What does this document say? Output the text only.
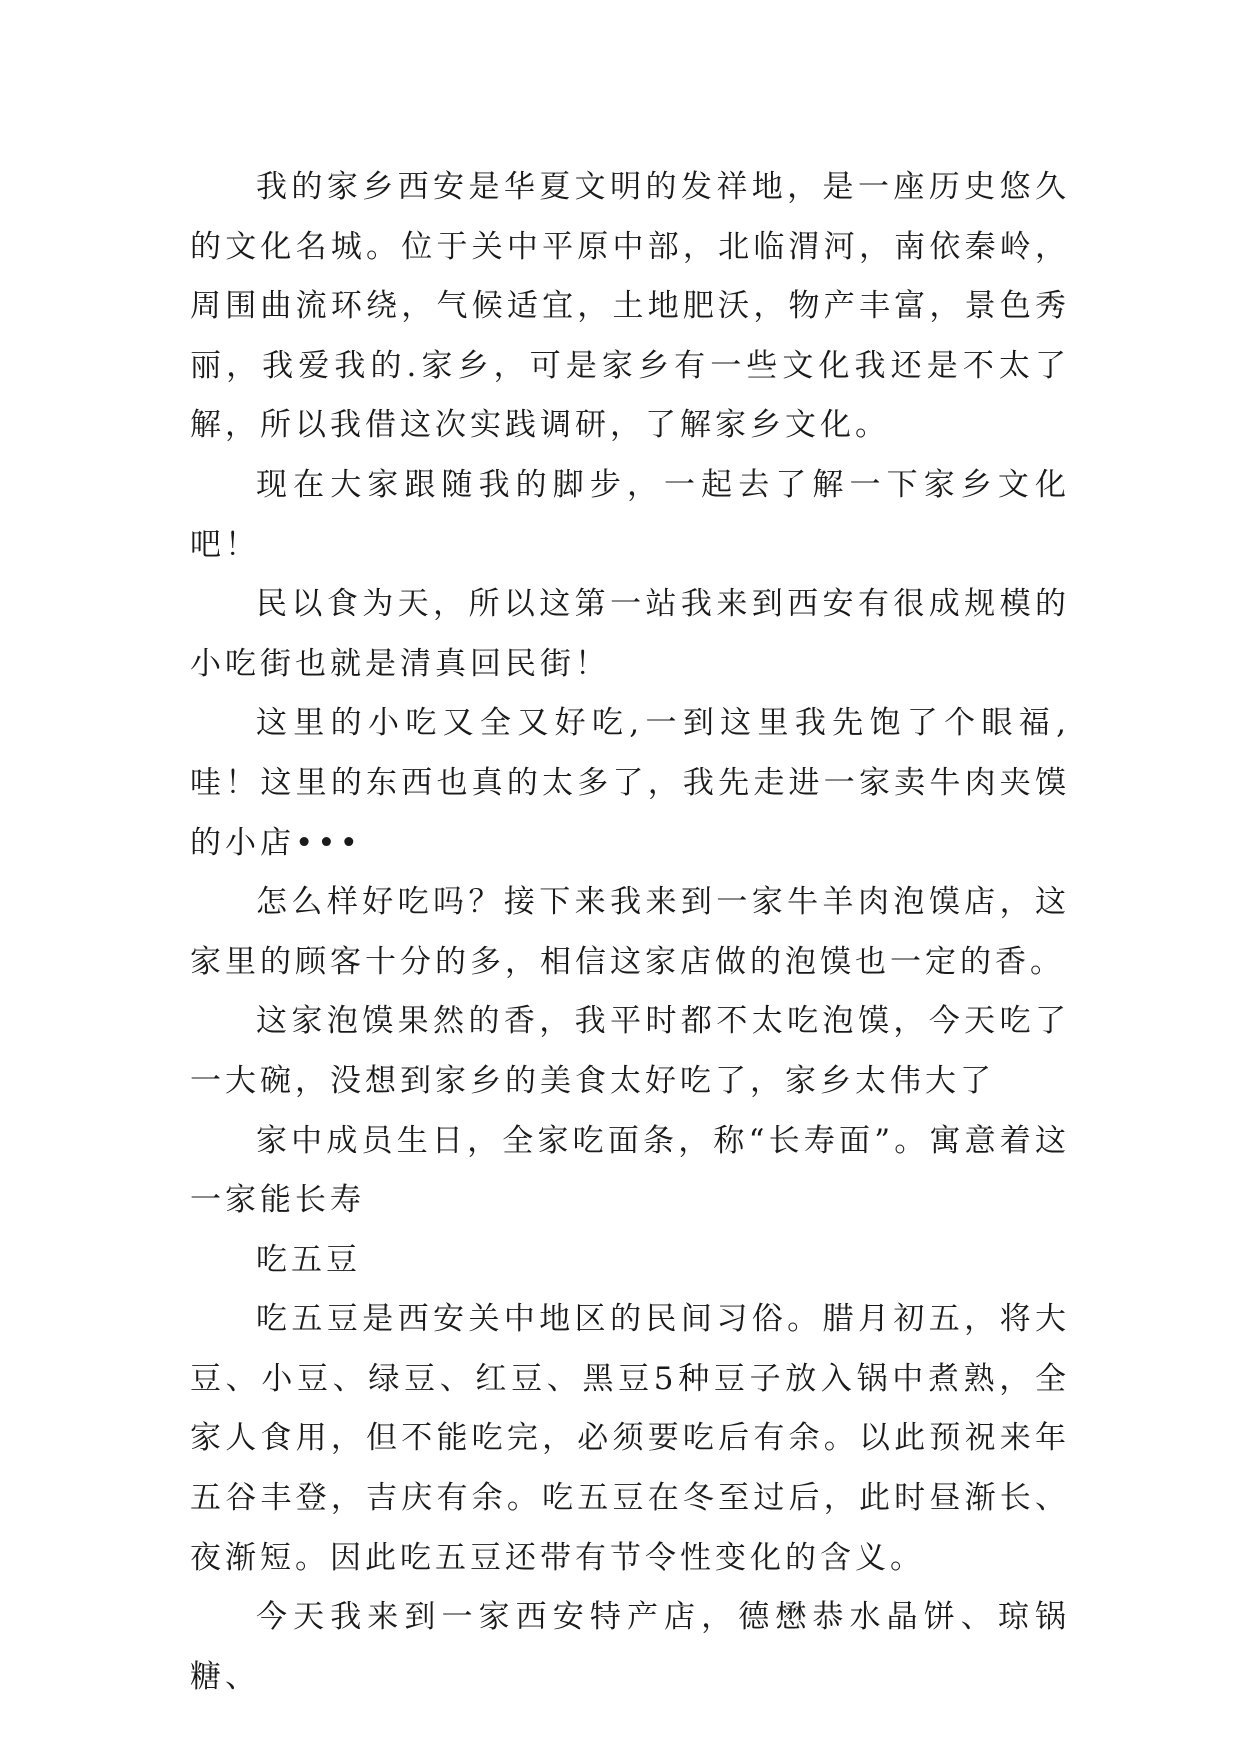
我的家乡西安是华夏文明的发祥地，是一座历史悠久的文化名城。位于关中平原中部，北临渭河，南依秦岭，周围曲流环绕，气候适宜，土地肥沃，物产丰富，景色秀丽，我爱我的.家乡，可是家乡有一些文化我还是不太了解，所以我借这次实践调研，了解家乡文化。

现在大家跟随我的脚步，一起去了解一下家乡文化吧！

民以食为天，所以这第一站我来到西安有很成规模的小吃街也就是清真回民街！

这里的小吃又全又好吃,一到这里我先饱了个眼福,哇！这里的东西也真的太多了，我先走进一家卖牛肉夹馍的小店•••

怎么样好吃吗？接下来我来到一家牛羊肉泡馍店，这家里的顾客十分的多，相信这家店做的泡馍也一定的香。

这家泡馍果然的香，我平时都不太吃泡馍，今天吃了一大碗，没想到家乡的美食太好吃了，家乡太伟大了

家中成员生日，全家吃面条，称“长寿面”。寓意着这一家能长寿

吃五豆

吃五豆是西安关中地区的民间习俗。腊月初五，将大豆、小豆、绿豆、红豆、黑豆5种豆子放入锅中煮熟，全家人食用，但不能吃完，必须要吃后有余。以此预祝来年五谷丰登，吉庆有余。吃五豆在冬至过后，此时昼渐长、夜渐短。因此吃五豆还带有节令性变化的含义。

今天我来到一家西安特产店，德懋恭水晶饼、琼锅糖、
